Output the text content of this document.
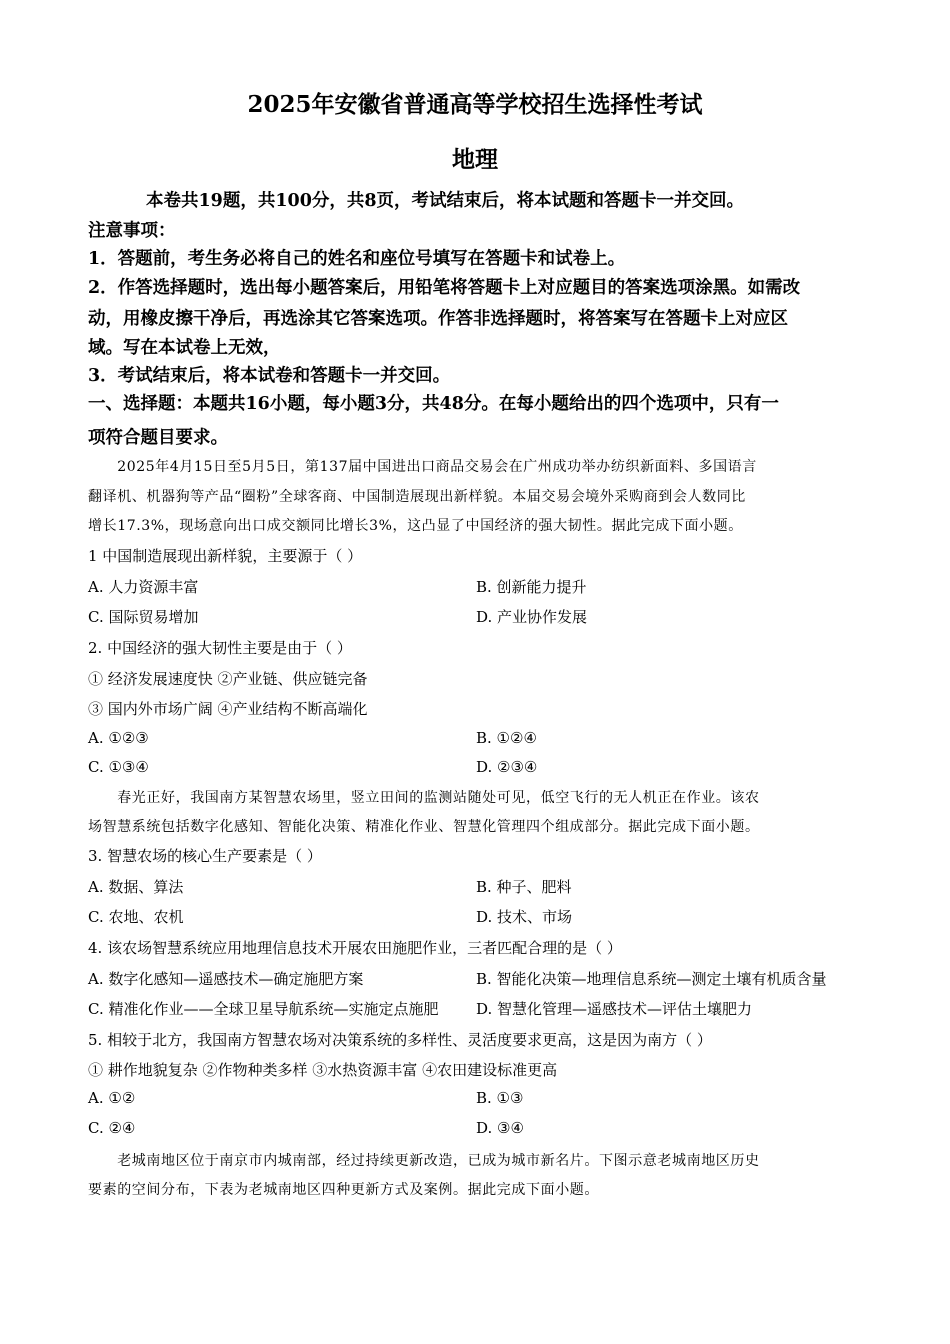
2025年安徽省普通高等学校招生选择性考试
地理
本卷共19题，共100分，共8页，考试结束后，将本试题和答题卡一并交回。
注意事项：
1．答题前，考生务必将自己的姓名和座位号填写在答题卡和试卷上。
2．作答选择题时，选出每小题答案后，用铅笔将答题卡上对应题目的答案选项涂黑。如需改
动，用橡皮擦干净后，再选涂其它答案选项。作答非选择题时，将答案写在答题卡上对应区
域。写在本试卷上无效，
3．考试结束后，将本试卷和答题卡一并交回。
一、选择题：本题共16小题，每小题3分，共48分。在每小题给出的四个选项中，只有一
项符合题目要求。
　　2025年4月15日至5月5日，第137届中国进出口商品交易会在广州成功举办纺织新面料、多国语言
翻译机、机器狗等产品“圈粉”全球客商、中国制造展现出新样貌。本届交易会境外采购商到会人数同比
增长17.3%，现场意向出口成交额同比增长3%，这凸显了中国经济的强大韧性。据此完成下面小题。
1 中国制造展现出新样貌，主要源于（ ）
A. 人力资源丰富	B. 创新能力提升
C. 国际贸易增加	D. 产业协作发展
2. 中国经济的强大韧性主要是由于（ ）
① 经济发展速度快 ②产业链、供应链完备
③ 国内外市场广阔 ④产业结构不断高端化
A. ①②③	B. ①②④
C. ①③④	D. ②③④
　　春光正好，我国南方某智慧农场里，竖立田间的监测站随处可见，低空飞行的无人机正在作业。该农
场智慧系统包括数字化感知、智能化决策、精准化作业、智慧化管理四个组成部分。据此完成下面小题。
3. 智慧农场的核心生产要素是（ ）
A. 数据、算法	B. 种子、肥料
C. 农地、农机	D. 技术、市场
4. 该农场智慧系统应用地理信息技术开展农田施肥作业，三者匹配合理的是（ ）
A. 数字化感知—遥感技术—确定施肥方案	B. 智能化决策—地理信息系统—测定土壤有机质含量
C. 精准化作业——全球卫星导航系统—实施定点施肥	D. 智慧化管理—遥感技术—评估土壤肥力
5. 相较于北方，我国南方智慧农场对决策系统的多样性、灵活度要求更高，这是因为南方（ ）
① 耕作地貌复杂 ②作物种类多样 ③水热资源丰富 ④农田建设标准更高
A. ①②	B. ①③
C. ②④	D. ③④
　　老城南地区位于南京市内城南部，经过持续更新改造，已成为城市新名片。下图示意老城南地区历史
要素的空间分布，下表为老城南地区四种更新方式及案例。据此完成下面小题。
